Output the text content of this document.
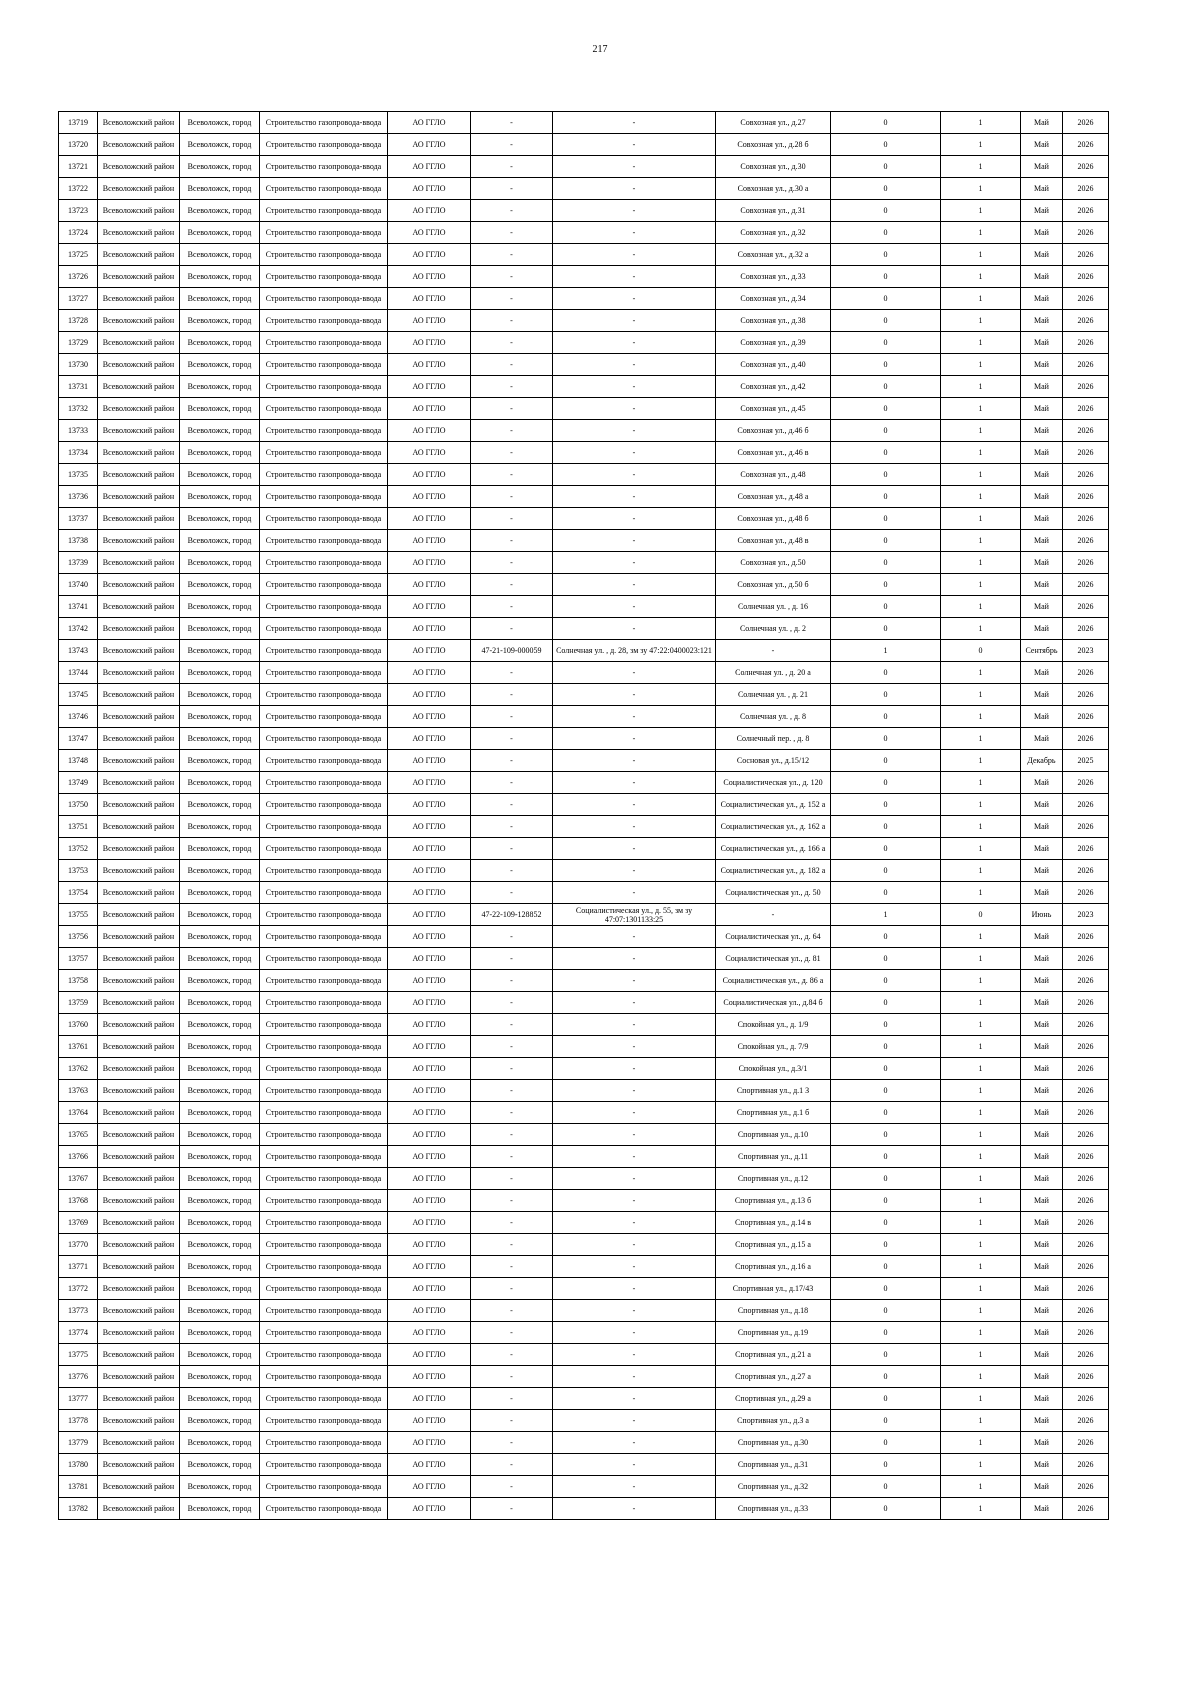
217
13719	Всеволожский район	Всеволожск, город	Строительство газопровода-ввода	АО ГГЛО	-	-	Совхозная ул., д.27	0	1	Май	2026
13720	Всеволожский район	Всеволожск, город	Строительство газопровода-ввода	АО ГГЛО	-	-	Совхозная ул., д.28 б	0	1	Май	2026
13721	Всеволожский район	Всеволожск, город	Строительство газопровода-ввода	АО ГГЛО	-	-	Совхозная ул., д.30	0	1	Май	2026
13722	Всеволожский район	Всеволожск, город	Строительство газопровода-ввода	АО ГГЛО	-	-	Совхозная ул., д.30 а	0	1	Май	2026
13723	Всеволожский район	Всеволожск, город	Строительство газопровода-ввода	АО ГГЛО	-	-	Совхозная ул., д.31	0	1	Май	2026
13724	Всеволожский район	Всеволожск, город	Строительство газопровода-ввода	АО ГГЛО	-	-	Совхозная ул., д.32	0	1	Май	2026
13725	Всеволожский район	Всеволожск, город	Строительство газопровода-ввода	АО ГГЛО	-	-	Совхозная ул., д.32 а	0	1	Май	2026
13726	Всеволожский район	Всеволожск, город	Строительство газопровода-ввода	АО ГГЛО	-	-	Совхозная ул., д.33	0	1	Май	2026
13727	Всеволожский район	Всеволожск, город	Строительство газопровода-ввода	АО ГГЛО	-	-	Совхозная ул., д.34	0	1	Май	2026
13728	Всеволожский район	Всеволожск, город	Строительство газопровода-ввода	АО ГГЛО	-	-	Совхозная ул., д.38	0	1	Май	2026
13729	Всеволожский район	Всеволожск, город	Строительство газопровода-ввода	АО ГГЛО	-	-	Совхозная ул., д.39	0	1	Май	2026
13730	Всеволожский район	Всеволожск, город	Строительство газопровода-ввода	АО ГГЛО	-	-	Совхозная ул., д.40	0	1	Май	2026
13731	Всеволожский район	Всеволожск, город	Строительство газопровода-ввода	АО ГГЛО	-	-	Совхозная ул., д.42	0	1	Май	2026
13732	Всеволожский район	Всеволожск, город	Строительство газопровода-ввода	АО ГГЛО	-	-	Совхозная ул., д.45	0	1	Май	2026
13733	Всеволожский район	Всеволожск, город	Строительство газопровода-ввода	АО ГГЛО	-	-	Совхозная ул., д.46 б	0	1	Май	2026
13734	Всеволожский район	Всеволожск, город	Строительство газопровода-ввода	АО ГГЛО	-	-	Совхозная ул., д.46 в	0	1	Май	2026
13735	Всеволожский район	Всеволожск, город	Строительство газопровода-ввода	АО ГГЛО	-	-	Совхозная ул., д.48	0	1	Май	2026
13736	Всеволожский район	Всеволожск, город	Строительство газопровода-ввода	АО ГГЛО	-	-	Совхозная ул., д.48 а	0	1	Май	2026
13737	Всеволожский район	Всеволожск, город	Строительство газопровода-ввода	АО ГГЛО	-	-	Совхозная ул., д.48 б	0	1	Май	2026
13738	Всеволожский район	Всеволожск, город	Строительство газопровода-ввода	АО ГГЛО	-	-	Совхозная ул., д.48 в	0	1	Май	2026
13739	Всеволожский район	Всеволожск, город	Строительство газопровода-ввода	АО ГГЛО	-	-	Совхозная ул., д.50	0	1	Май	2026
13740	Всеволожский район	Всеволожск, город	Строительство газопровода-ввода	АО ГГЛО	-	-	Совхозная ул., д.50 б	0	1	Май	2026
13741	Всеволожский район	Всеволожск, город	Строительство газопровода-ввода	АО ГГЛО	-	-	Солнечная ул. , д. 16	0	1	Май	2026
13742	Всеволожский район	Всеволожск, город	Строительство газопровода-ввода	АО ГГЛО	-	-	Солнечная ул. , д. 2	0	1	Май	2026
13743	Всеволожский район	Всеволожск, город	Строительство газопровода-ввода	АО ГГЛО	47-21-109-000059	Солнечная ул. , д. 28, зм зу 47:22:0400023:121	-	1	0	Сентябрь	2023
13744	Всеволожский район	Всеволожск, город	Строительство газопровода-ввода	АО ГГЛО	-	-	Солнечная ул. , д. 20 а	0	1	Май	2026
13745	Всеволожский район	Всеволожск, город	Строительство газопровода-ввода	АО ГГЛО	-	-	Солнечная ул. , д. 21	0	1	Май	2026
13746	Всеволожский район	Всеволожск, город	Строительство газопровода-ввода	АО ГГЛО	-	-	Солнечная ул. , д. 8	0	1	Май	2026
13747	Всеволожский район	Всеволожск, город	Строительство газопровода-ввода	АО ГГЛО	-	-	Солнечный пер. , д. 8	0	1	Май	2026
13748	Всеволожский район	Всеволожск, город	Строительство газопровода-ввода	АО ГГЛО	-	-	Сосновая ул., д.15/12	0	1	Декабрь	2025
13749	Всеволожский район	Всеволожск, город	Строительство газопровода-ввода	АО ГГЛО	-	-	Социалистическая ул., д. 120	0	1	Май	2026
13750	Всеволожский район	Всеволожск, город	Строительство газопровода-ввода	АО ГГЛО	-	-	Социалистическая ул., д. 152 а	0	1	Май	2026
13751	Всеволожский район	Всеволожск, город	Строительство газопровода-ввода	АО ГГЛО	-	-	Социалистическая ул., д. 162 а	0	1	Май	2026
13752	Всеволожский район	Всеволожск, город	Строительство газопровода-ввода	АО ГГЛО	-	-	Социалистическая ул., д. 166 а	0	1	Май	2026
13753	Всеволожский район	Всеволожск, город	Строительство газопровода-ввода	АО ГГЛО	-	-	Социалистическая ул., д. 182 а	0	1	Май	2026
13754	Всеволожский район	Всеволожск, город	Строительство газопровода-ввода	АО ГГЛО	-	-	Социалистическая ул., д. 50	0	1	Май	2026
13755	Всеволожский район	Всеволожск, город	Строительство газопровода-ввода	АО ГГЛО	47-22-109-128852	Социалистическая ул., д. 55, зм зу 47:07:1301133:25	-	1	0	Июнь	2023
13756	Всеволожский район	Всеволожск, город	Строительство газопровода-ввода	АО ГГЛО	-	-	Социалистическая ул., д. 64	0	1	Май	2026
13757	Всеволожский район	Всеволожск, город	Строительство газопровода-ввода	АО ГГЛО	-	-	Социалистическая ул., д. 81	0	1	Май	2026
13758	Всеволожский район	Всеволожск, город	Строительство газопровода-ввода	АО ГГЛО	-	-	Социалистическая ул., д. 86 а	0	1	Май	2026
13759	Всеволожский район	Всеволожск, город	Строительство газопровода-ввода	АО ГГЛО	-	-	Социалистическая ул., д.84 б	0	1	Май	2026
13760	Всеволожский район	Всеволожск, город	Строительство газопровода-ввода	АО ГГЛО	-	-	Спокойная ул., д. 1/9	0	1	Май	2026
13761	Всеволожский район	Всеволожск, город	Строительство газопровода-ввода	АО ГГЛО	-	-	Спокойная ул., д. 7/9	0	1	Май	2026
13762	Всеволожский район	Всеволожск, город	Строительство газопровода-ввода	АО ГГЛО	-	-	Спокойная ул., д.3/1	0	1	Май	2026
13763	Всеволожский район	Всеволожск, город	Строительство газопровода-ввода	АО ГГЛО	-	-	Спортивная ул., д.1 З	0	1	Май	2026
13764	Всеволожский район	Всеволожск, город	Строительство газопровода-ввода	АО ГГЛО	-	-	Спортивная ул., д.1 б	0	1	Май	2026
13765	Всеволожский район	Всеволожск, город	Строительство газопровода-ввода	АО ГГЛО	-	-	Спортивная ул., д.10	0	1	Май	2026
13766	Всеволожский район	Всеволожск, город	Строительство газопровода-ввода	АО ГГЛО	-	-	Спортивная ул., д.11	0	1	Май	2026
13767	Всеволожский район	Всеволожск, город	Строительство газопровода-ввода	АО ГГЛО	-	-	Спортивная ул., д.12	0	1	Май	2026
13768	Всеволожский район	Всеволожск, город	Строительство газопровода-ввода	АО ГГЛО	-	-	Спортивная ул., д.13 б	0	1	Май	2026
13769	Всеволожский район	Всеволожск, город	Строительство газопровода-ввода	АО ГГЛО	-	-	Спортивная ул., д.14 в	0	1	Май	2026
13770	Всеволожский район	Всеволожск, город	Строительство газопровода-ввода	АО ГГЛО	-	-	Спортивная ул., д.15 а	0	1	Май	2026
13771	Всеволожский район	Всеволожск, город	Строительство газопровода-ввода	АО ГГЛО	-	-	Спортивная ул., д.16 а	0	1	Май	2026
13772	Всеволожский район	Всеволожск, город	Строительство газопровода-ввода	АО ГГЛО	-	-	Спортивная ул., д.17/43	0	1	Май	2026
13773	Всеволожский район	Всеволожск, город	Строительство газопровода-ввода	АО ГГЛО	-	-	Спортивная ул., д.18	0	1	Май	2026
13774	Всеволожский район	Всеволожск, город	Строительство газопровода-ввода	АО ГГЛО	-	-	Спортивная ул., д.19	0	1	Май	2026
13775	Всеволожский район	Всеволожск, город	Строительство газопровода-ввода	АО ГГЛО	-	-	Спортивная ул., д.21 а	0	1	Май	2026
13776	Всеволожский район	Всеволожск, город	Строительство газопровода-ввода	АО ГГЛО	-	-	Спортивная ул., д.27 а	0	1	Май	2026
13777	Всеволожский район	Всеволожск, город	Строительство газопровода-ввода	АО ГГЛО	-	-	Спортивная ул., д.29 а	0	1	Май	2026
13778	Всеволожский район	Всеволожск, город	Строительство газопровода-ввода	АО ГГЛО	-	-	Спортивная ул., д.3 а	0	1	Май	2026
13779	Всеволожский район	Всеволожск, город	Строительство газопровода-ввода	АО ГГЛО	-	-	Спортивная ул., д.30	0	1	Май	2026
13780	Всеволожский район	Всеволожск, город	Строительство газопровода-ввода	АО ГГЛО	-	-	Спортивная ул., д.31	0	1	Май	2026
13781	Всеволожский район	Всеволожск, город	Строительство газопровода-ввода	АО ГГЛО	-	-	Спортивная ул., д.32	0	1	Май	2026
13782	Всеволожский район	Всеволожск, город	Строительство газопровода-ввода	АО ГГЛО	-	-	Спортивная ул., д.33	0	1	Май	2026
